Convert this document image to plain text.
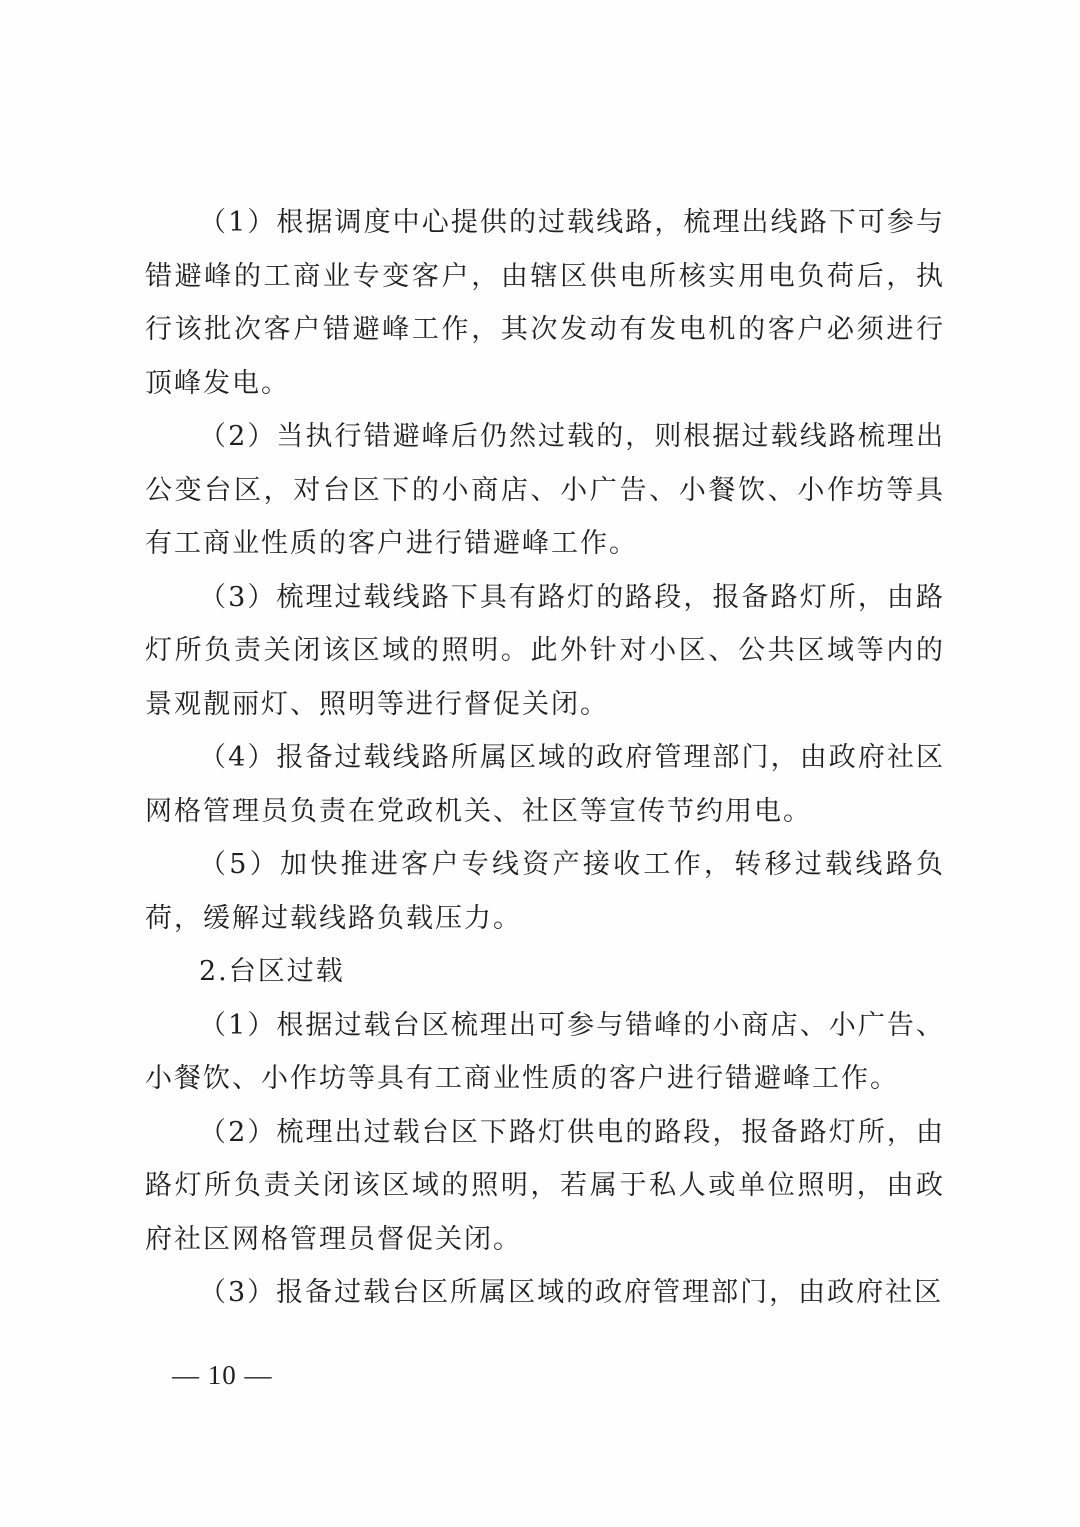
（1）根据调度中心提供的过载线路，梳理出线路下可参与错避峰的工商业专变客户，由辖区供电所核实用电负荷后，执行该批次客户错避峰工作，其次发动有发电机的客户必须进行顶峰发电。

（2）当执行错避峰后仍然过载的，则根据过载线路梳理出公变台区，对台区下的小商店、小广告、小餐饮、小作坊等具有工商业性质的客户进行错避峰工作。

（3）梳理过载线路下具有路灯的路段，报备路灯所，由路灯所负责关闭该区域的照明。此外针对小区、公共区域等内的景观靓丽灯、照明等进行督促关闭。

（4）报备过载线路所属区域的政府管理部门，由政府社区网格管理员负责在党政机关、社区等宣传节约用电。

（5）加快推进客户专线资产接收工作，转移过载线路负荷，缓解过载线路负载压力。

2.台区过载

（1）根据过载台区梳理出可参与错峰的小商店、小广告、小餐饮、小作坊等具有工商业性质的客户进行错避峰工作。

（2）梳理出过载台区下路灯供电的路段，报备路灯所，由路灯所负责关闭该区域的照明，若属于私人或单位照明，由政府社区网格管理员督促关闭。

（3）报备过载台区所属区域的政府管理部门，由政府社区

— 10 —
